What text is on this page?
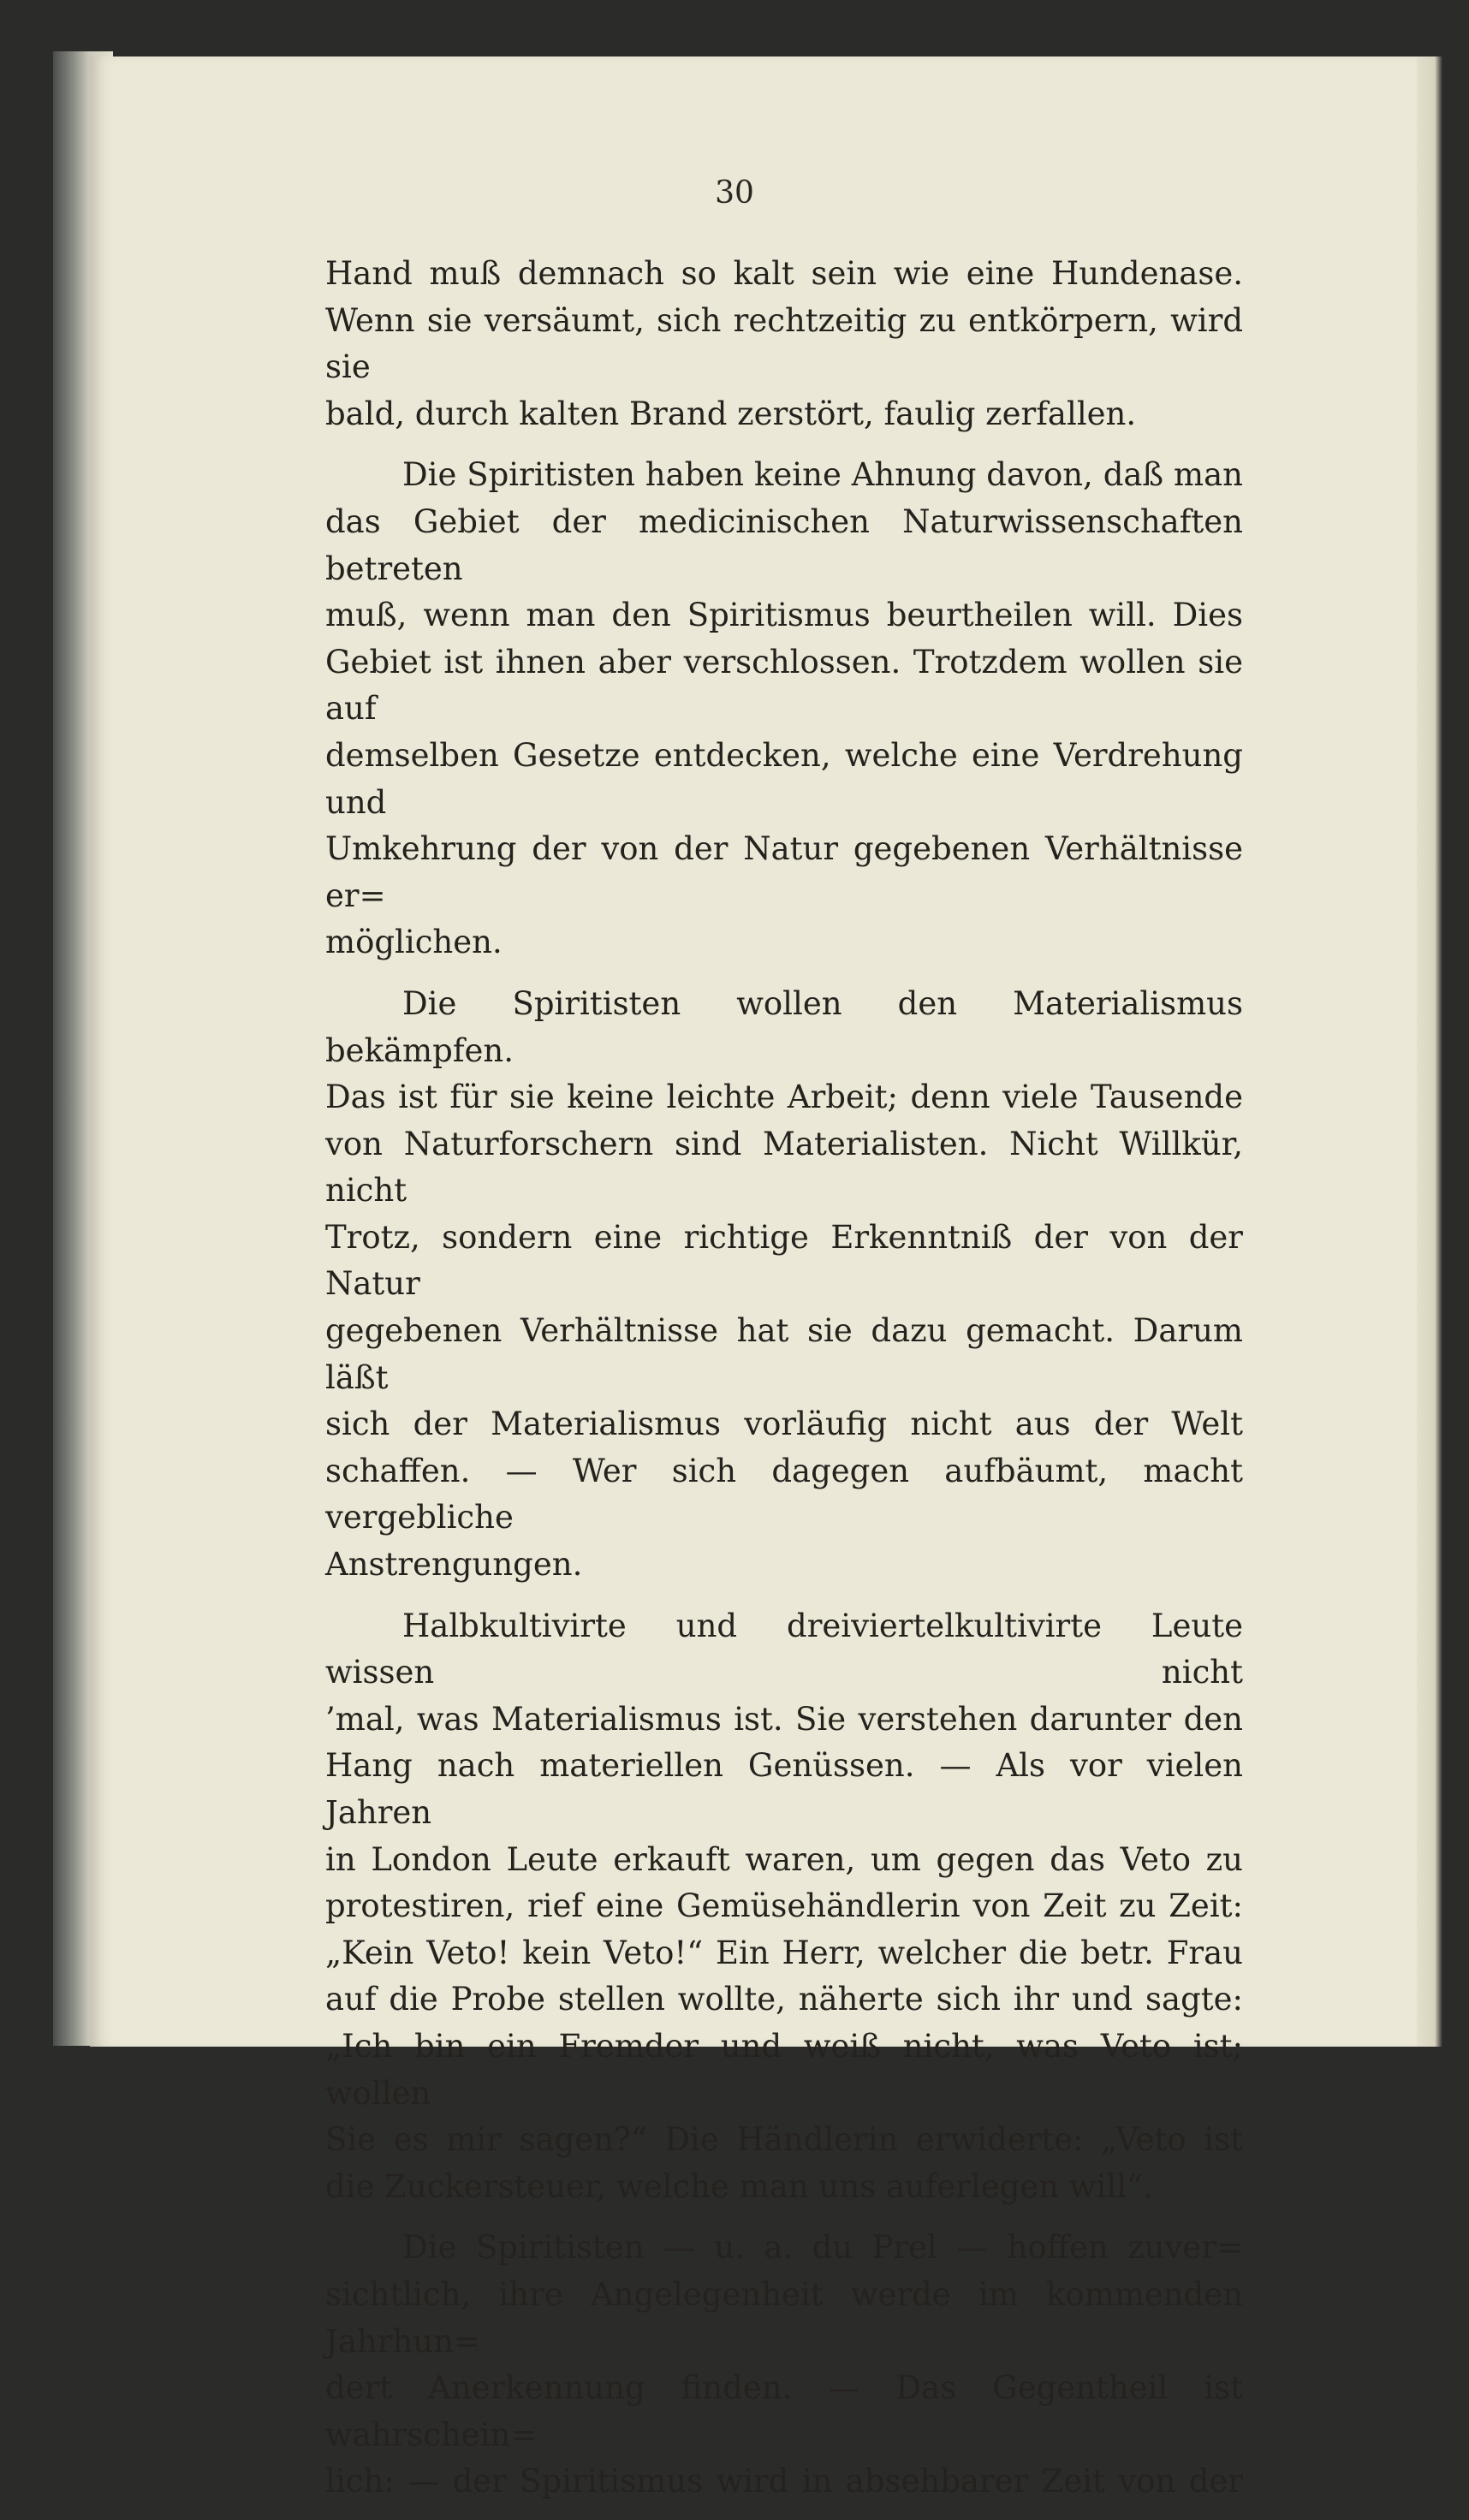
30
Hand muß demnach so kalt sein wie eine Hundenase.
Wenn sie versäumt, sich rechtzeitig zu entkörpern, wird sie
bald, durch kalten Brand zerstört, faulig zerfallen.
Die Spiritisten haben keine Ahnung davon, daß man
das Gebiet der medicinischen Naturwissenschaften betreten
muß, wenn man den Spiritismus beurtheilen will. Dies
Gebiet ist ihnen aber verschlossen. Trotzdem wollen sie auf
demselben Gesetze entdecken, welche eine Verdrehung und
Umkehrung der von der Natur gegebenen Verhältnisse er=
möglichen.
Die Spiritisten wollen den Materialismus bekämpfen.
Das ist für sie keine leichte Arbeit; denn viele Tausende
von Naturforschern sind Materialisten. Nicht Willkür, nicht
Trotz, sondern eine richtige Erkenntniß der von der Natur
gegebenen Verhältnisse hat sie dazu gemacht. Darum läßt
sich der Materialismus vorläufig nicht aus der Welt
schaffen. — Wer sich dagegen aufbäumt, macht vergebliche
Anstrengungen.
Halbkultivirte und dreiviertelkultivirte Leute wissen nicht
’mal, was Materialismus ist. Sie verstehen darunter den
Hang nach materiellen Genüssen. — Als vor vielen Jahren
in London Leute erkauft waren, um gegen das Veto zu
protestiren, rief eine Gemüsehändlerin von Zeit zu Zeit:
„Kein Veto! kein Veto!“ Ein Herr, welcher die betr. Frau
auf die Probe stellen wollte, näherte sich ihr und sagte:
„Ich bin ein Fremder und weiß nicht, was Veto ist; wollen
Sie es mir sagen?“ Die Händlerin erwiderte: „Veto ist
die Zuckersteuer, welche man uns auferlegen will“.
Die Spiritisten — u. a. du Prel — hoffen zuver=
sichtlich, ihre Angelegenheit werde im kommenden Jahrhun=
dert Anerkennung finden. — Das Gegentheil ist wahrschein=
lich: — der Spiritismus wird in absehbarer Zeit von der
